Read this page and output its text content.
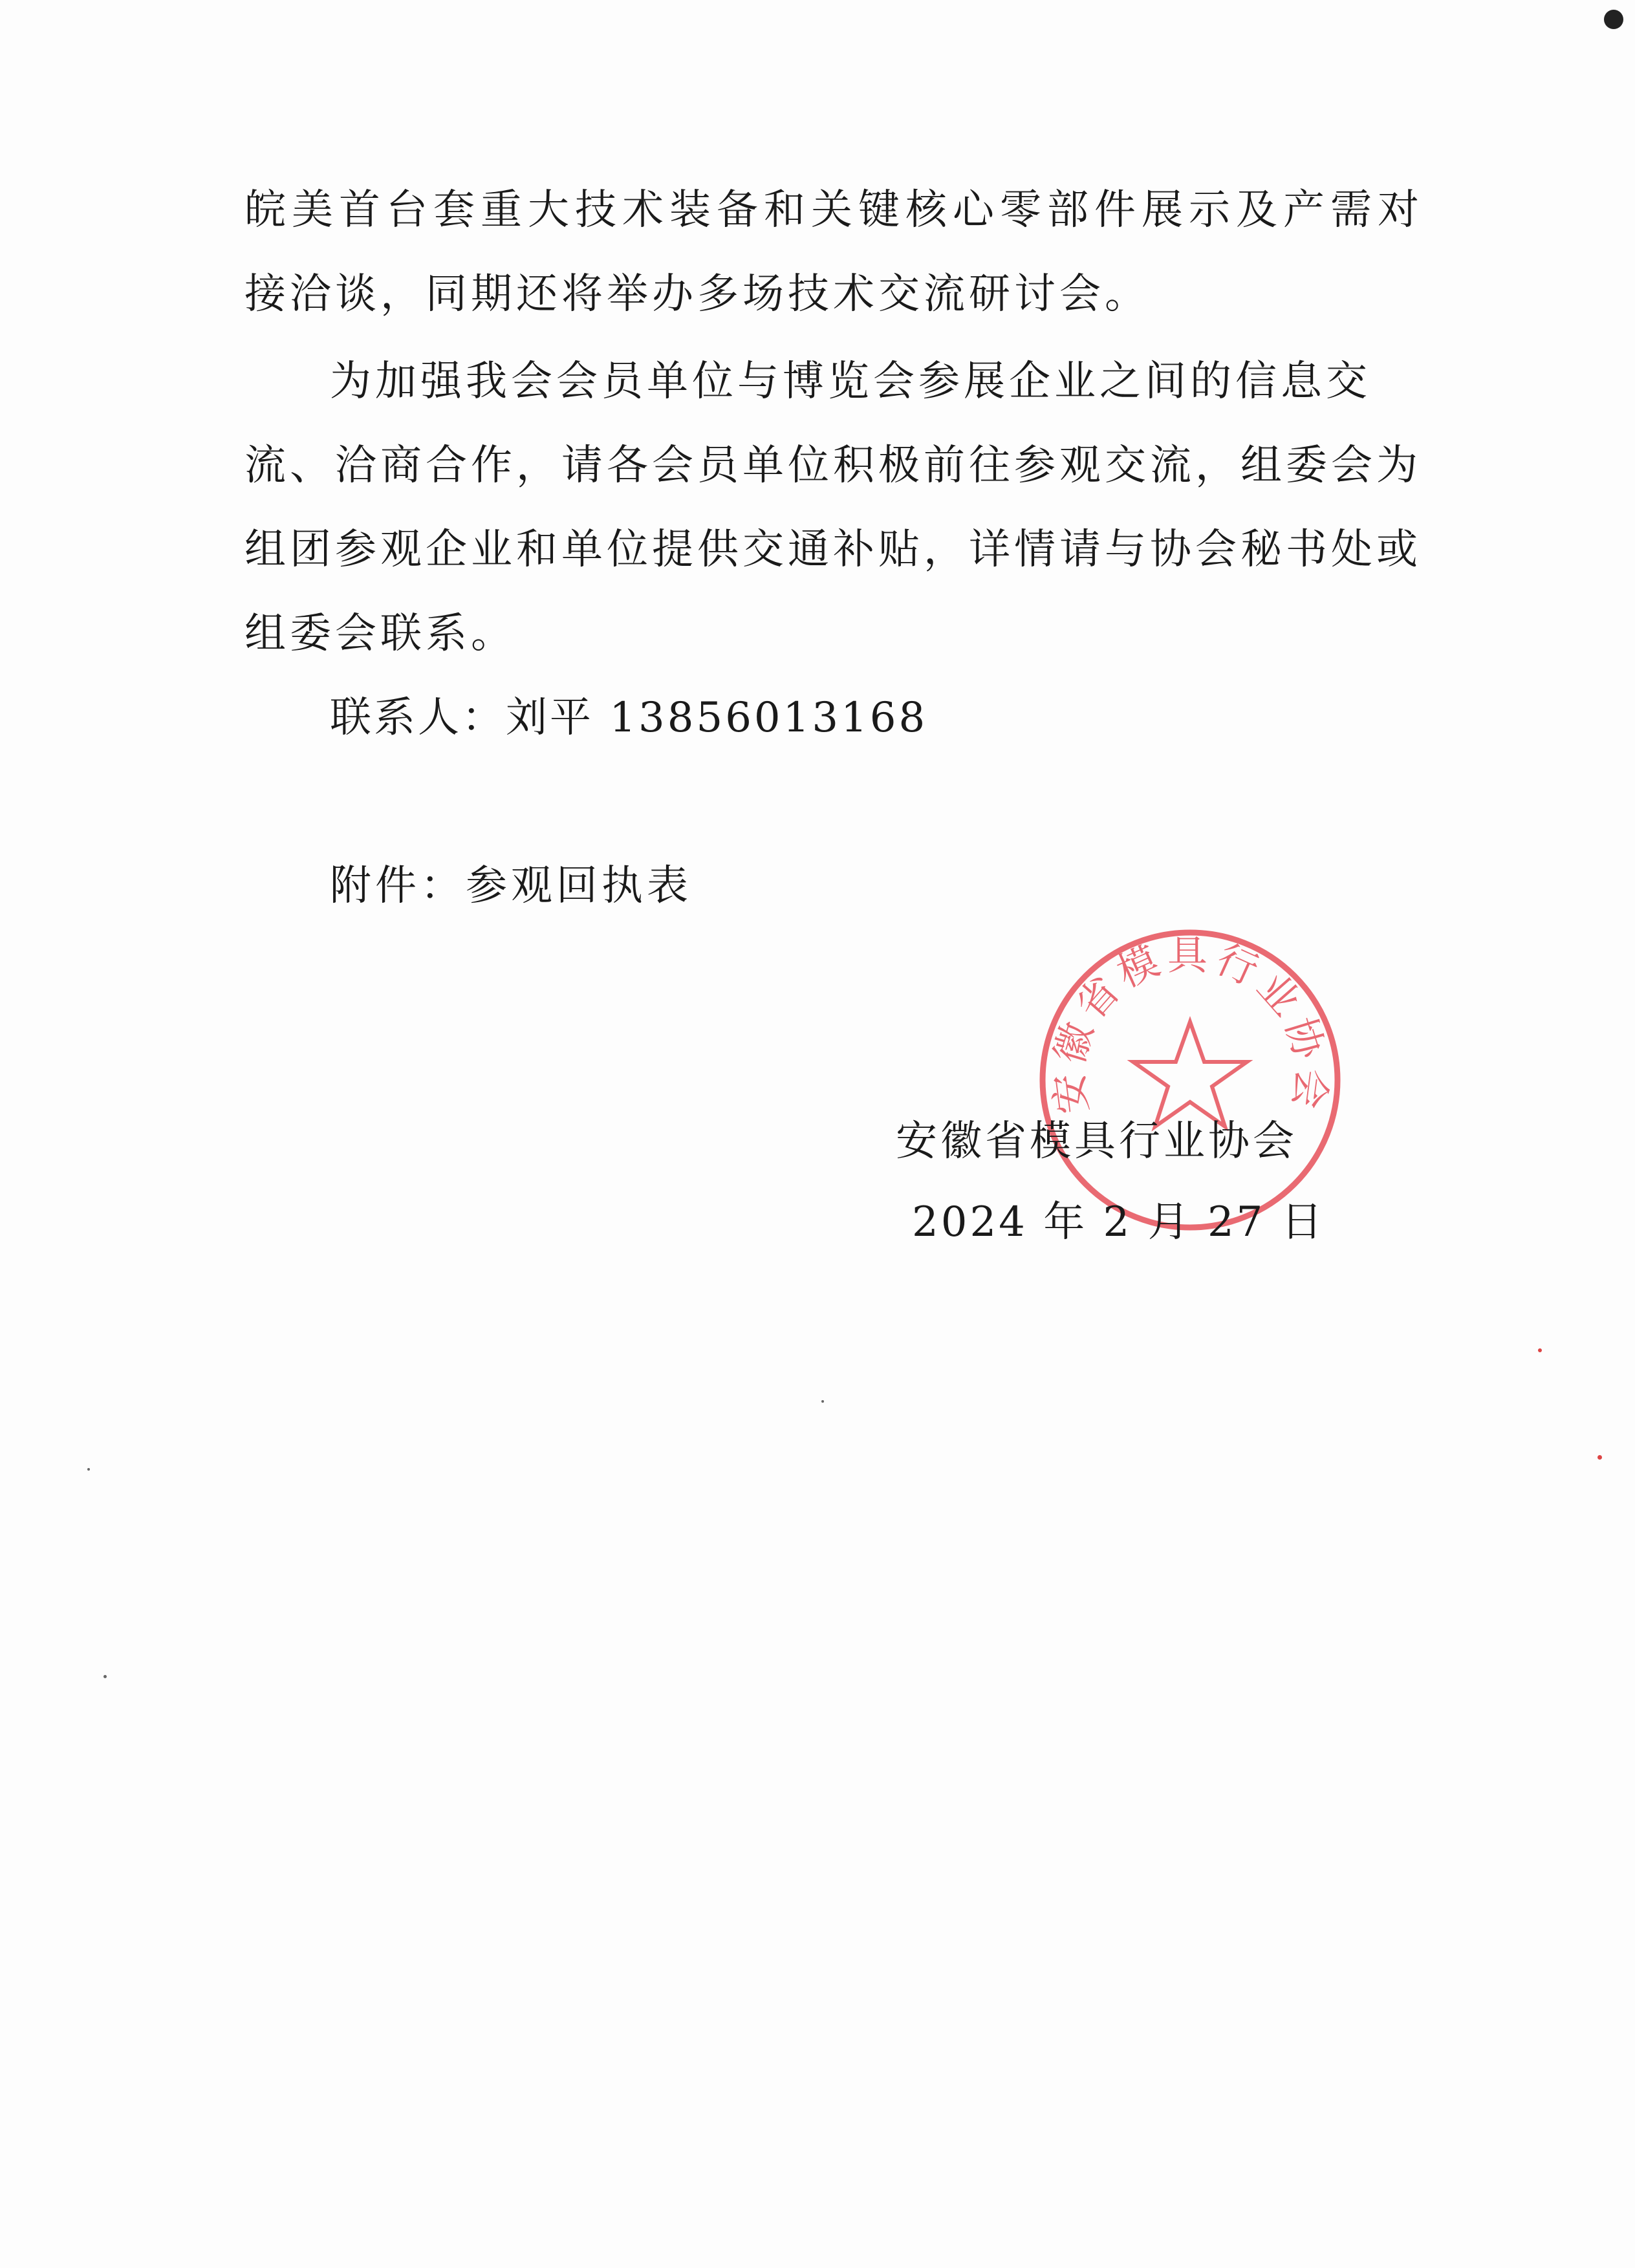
皖美首台套重大技术装备和关键核心零部件展示及产需对
接洽谈，同期还将举办多场技术交流研讨会。
为加强我会会员单位与博览会参展企业之间的信息交
流、洽商合作，请各会员单位积极前往参观交流，组委会为
组团参观企业和单位提供交通补贴，详情请与协会秘书处或
组委会联系。
联系人：刘平 13856013168
附件：参观回执表
安徽省模具行业协会
安徽省模具行业协会
2024 年 2 月 27 日
